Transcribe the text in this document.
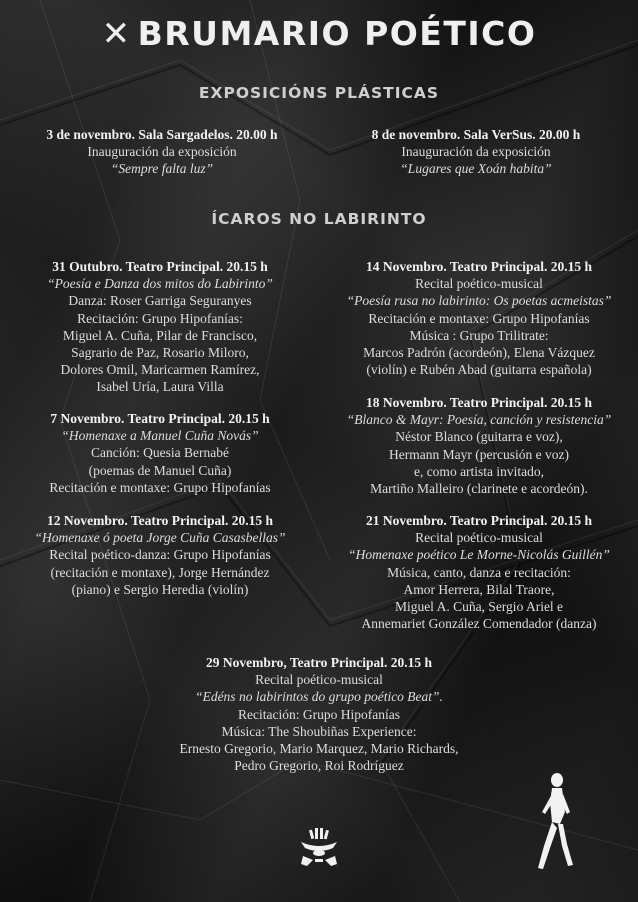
✕ BRUMARIO POÉTICO
EXPOSICIÓNS PLÁSTICAS
3 de novembro. Sala Sargadelos. 20.00 h
Inauguración da exposición
“Sempre falta luz”
8 de novembro. Sala VerSus. 20.00 h
Inauguración da exposición
“Lugares que Xoán habita”
ÍCAROS NO LABIRINTO
31 Outubro. Teatro Principal. 20.15 h
“Poesía e Danza dos mitos do Labirinto”
Danza: Roser Garriga Seguranyes
Recitación: Grupo Hipofanías:
Miguel A. Cuña, Pilar de Francisco,
Sagrario de Paz, Rosario Miloro,
Dolores Omil, Maricarmen Ramírez,
Isabel Uría, Laura Villa
7 Novembro. Teatro Principal. 20.15 h
“Homenaxe a Manuel Cuña Novás”
Canción: Quesia Bernabé
(poemas de Manuel Cuña)
Recitación e montaxe: Grupo Hipofanías
12 Novembro. Teatro Principal. 20.15 h
“Homenaxe ó poeta Jorge Cuña Casasbellas”
Recital poético-danza: Grupo Hipofanías
(recitación e montaxe), Jorge Hernández
(piano) e Sergio Heredia (violín)
14 Novembro. Teatro Principal. 20.15 h
Recital poético-musical
“Poesía rusa no labirinto: Os poetas acmeistas”
Recitación e montaxe: Grupo Hipofanías
Música : Grupo Trilitrate:
Marcos Padrón (acordeón), Elena Vázquez
(violín) e Rubén Abad (guitarra española)
18 Novembro. Teatro Principal. 20.15 h
“Blanco & Mayr: Poesía, canción y resistencia”
Néstor Blanco (guitarra e voz),
Hermann Mayr (percusión e voz)
e, como artista invitado,
Martiño Malleiro (clarinete e acordeón).
21 Novembro. Teatro Principal. 20.15 h
Recital poético-musical
“Homenaxe poético Le Morne-Nicolás Guillén”
Música, canto, danza e recitación:
Amor Herrera, Bilal Traore,
Miguel A. Cuña, Sergio Ariel e
Annemariet González Comendador (danza)
29 Novembro, Teatro Principal. 20.15 h
Recital poético-musical
“Edéns no labirintos do grupo poético Beat”.
Recitación: Grupo Hipofanías
Música: The Shoubiñas Experience:
Ernesto Gregorio, Mario Marquez, Mario Richards,
Pedro Gregorio, Roi Rodríguez
